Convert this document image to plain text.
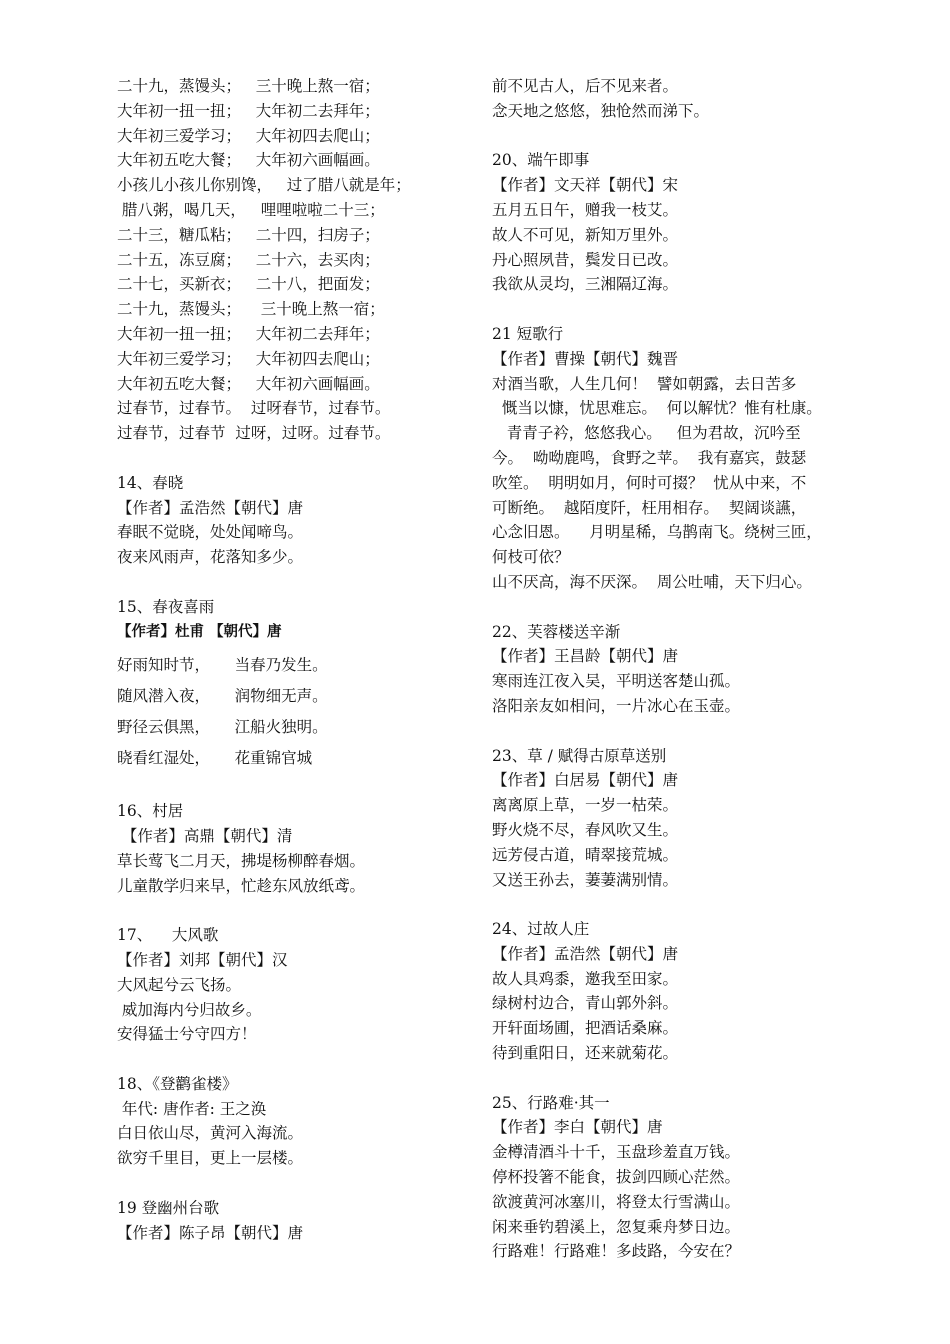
二十九，蒸馒头；   三十晚上熬一宿；
大年初一扭一扭；   大年初二去拜年；
大年初三爱学习；   大年初四去爬山；
大年初五吃大餐；   大年初六画幅画。
小孩儿小孩儿你别馋，   过了腊八就是年；
腊八粥，喝几天，   哩哩啦啦二十三；
二十三，糖瓜粘；   二十四，扫房子；
二十五，冻豆腐；   二十六，去买肉；
二十七，买新衣；   二十八，把面发；
二十九，蒸馒头；    三十晚上熬一宿；
大年初一扭一扭；   大年初二去拜年；
大年初三爱学习；   大年初四去爬山；
大年初五吃大餐；   大年初六画幅画。
过春节，过春节。  过呀春节，过春节。
过春节，过春节  过呀，过呀。过春节。
14、春晓
【作者】孟浩然【朝代】唐
春眠不觉晓，处处闻啼鸟。
夜来风雨声，花落知多少。
15、春夜喜雨
【作者】杜甫 【朝代】唐
好雨知时节，     当春乃发生。
随风潜入夜，     润物细无声。
野径云俱黑，     江船火独明。
晓看红湿处，     花重锦官城
16、村居
【作者】高鼎【朝代】清
草长莺飞二月天，拂堤杨柳醉春烟。
儿童散学归来早，忙趁东风放纸鸢。
17、    大风歌
【作者】刘邦【朝代】汉
大风起兮云飞扬。
威加海内兮归故乡。
安得猛士兮守四方！
18、《登鹳雀楼》
年代: 唐作者: 王之涣
白日依山尽，黄河入海流。
欲穷千里目，更上一层楼。
19 登幽州台歌
【作者】陈子昂【朝代】唐
前不见古人，后不见来者。
念天地之悠悠，独怆然而涕下。
20、端午即事
【作者】文天祥【朝代】宋
五月五日午，赠我一枝艾。
故人不可见，新知万里外。
丹心照夙昔，鬓发日已改。
我欲从灵均，三湘隔辽海。
21 短歌行
【作者】曹操【朝代】魏晋
对酒当歌，人生几何！  譬如朝露，去日苦多
慨当以慷，忧思难忘。  何以解忧？惟有杜康。
青青子衿，悠悠我心。   但为君故，沉吟至
今。  呦呦鹿鸣，食野之苹。  我有嘉宾，鼓瑟
吹笙。  明明如月，何时可掇？  忧从中来，不
可断绝。  越陌度阡，枉用相存。  契阔谈讌，
心念旧恩。    月明星稀，乌鹊南飞。绕树三匝，
何枝可依？
山不厌高，海不厌深。  周公吐哺，天下归心。
22、芙蓉楼送辛渐
【作者】王昌龄【朝代】唐
寒雨连江夜入吴，平明送客楚山孤。
洛阳亲友如相问，一片冰心在玉壶。
23、草 / 赋得古原草送别
【作者】白居易【朝代】唐
离离原上草，一岁一枯荣。
野火烧不尽，春风吹又生。
远芳侵古道，晴翠接荒城。
又送王孙去，萋萋满别情。
24、过故人庄
【作者】孟浩然【朝代】唐
故人具鸡黍，邀我至田家。
绿树村边合，青山郭外斜。
开轩面场圃，把酒话桑麻。
待到重阳日，还来就菊花。
25、行路难·其一
【作者】李白【朝代】唐
金樽清酒斗十千，玉盘珍羞直万钱。
停杯投箸不能食，拔剑四顾心茫然。
欲渡黄河冰塞川，将登太行雪满山。
闲来垂钓碧溪上，忽复乘舟梦日边。
行路难！行路难！多歧路，今安在？
